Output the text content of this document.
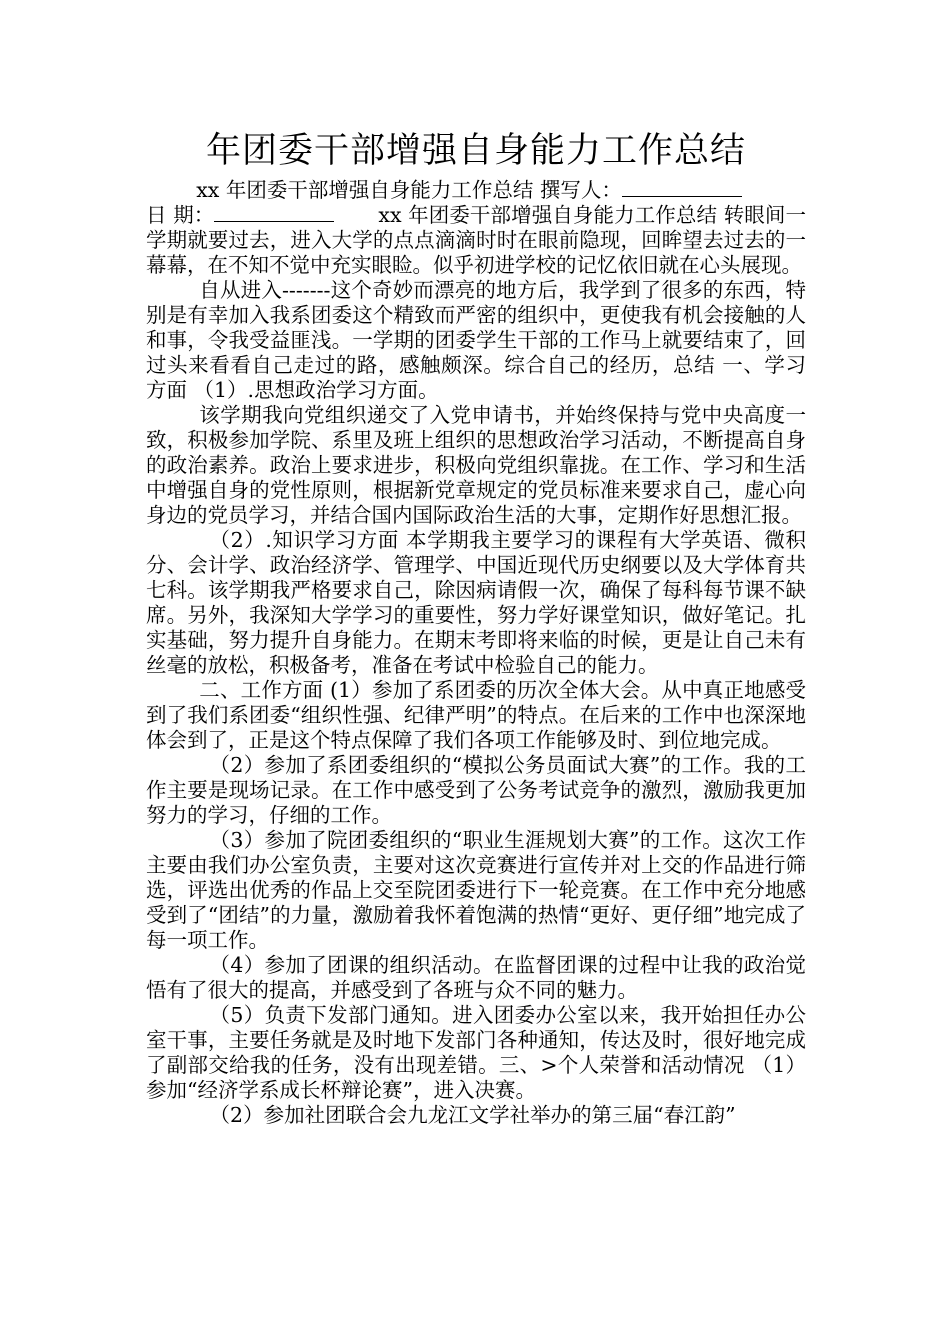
年团委干部增强自身能力工作总结

xx 年团委干部增强自身能力工作总结 撰写人：

日 期：	xx 年团委干部增强自身能力工作总结 转眼间一学期就要过去，进入大学的点点滴滴时时在眼前隐现，回眸望去过去的一幕幕，在不知不觉中充实眼睑。似乎初进学校的记忆依旧就在心头展现。

自从进入-------这个奇妙而漂亮的地方后，我学到了很多的东西，特别是有幸加入我系团委这个精致而严密的组织中，更使我有机会接触的人和事，令我受益匪浅。一学期的团委学生干部的工作马上就要结束了，回过头来看看自己走过的路，感触颇深。综合自己的经历，总结 一、学习方面 （1）.思想政治学习方面。

该学期我向党组织递交了入党申请书，并始终保持与党中央高度一致，积极参加学院、系里及班上组织的思想政治学习活动，不断提高自身的政治素养。政治上要求进步，积极向党组织靠拢。在工作、学习和生活中增强自身的党性原则，根据新党章规定的党员标准来要求自己，虚心向身边的党员学习，并结合国内国际政治生活的大事，定期作好思想汇报。

（2）.知识学习方面 本学期我主要学习的课程有大学英语、微积分、会计学、政治经济学、管理学、中国近现代历史纲要以及大学体育共七科。该学期我严格要求自己，除因病请假一次，确保了每科每节课不缺席。另外，我深知大学学习的重要性，努力学好课堂知识，做好笔记。扎实基础，努力提升自身能力。在期末考即将来临的时候，更是让自己未有丝毫的放松，积极备考，准备在考试中检验自己的能力。

二、工作方面 (1）参加了系团委的历次全体大会。从中真正地感受到了我们系团委“组织性强、纪律严明”的特点。在后来的工作中也深深地体会到了，正是这个特点保障了我们各项工作能够及时、到位地完成。

（2）参加了系团委组织的“模拟公务员面试大赛”的工作。我的工作主要是现场记录。在工作中感受到了公务考试竞争的激烈，激励我更加努力的学习，仔细的工作。

（3）参加了院团委组织的“职业生涯规划大赛”的工作。这次工作主要由我们办公室负责，主要对这次竞赛进行宣传并对上交的作品进行筛选，评选出优秀的作品上交至院团委进行下一轮竞赛。在工作中充分地感受到了“团结”的力量，激励着我怀着饱满的热情“更好、更仔细”地完成了每一项工作。

（4）参加了团课的组织活动。在监督团课的过程中让我的政治觉悟有了很大的提高，并感受到了各班与众不同的魅力。

（5）负责下发部门通知。进入团委办公室以来，我开始担任办公室干事，主要任务就是及时地下发部门各种通知，传达及时，很好地完成了副部交给我的任务，没有出现差错。三、>个人荣誉和活动情况 （1）参加“经济学系成长杯辩论赛”，进入决赛。

（2）参加社团联合会九龙江文学社举办的第三届“春江韵”
